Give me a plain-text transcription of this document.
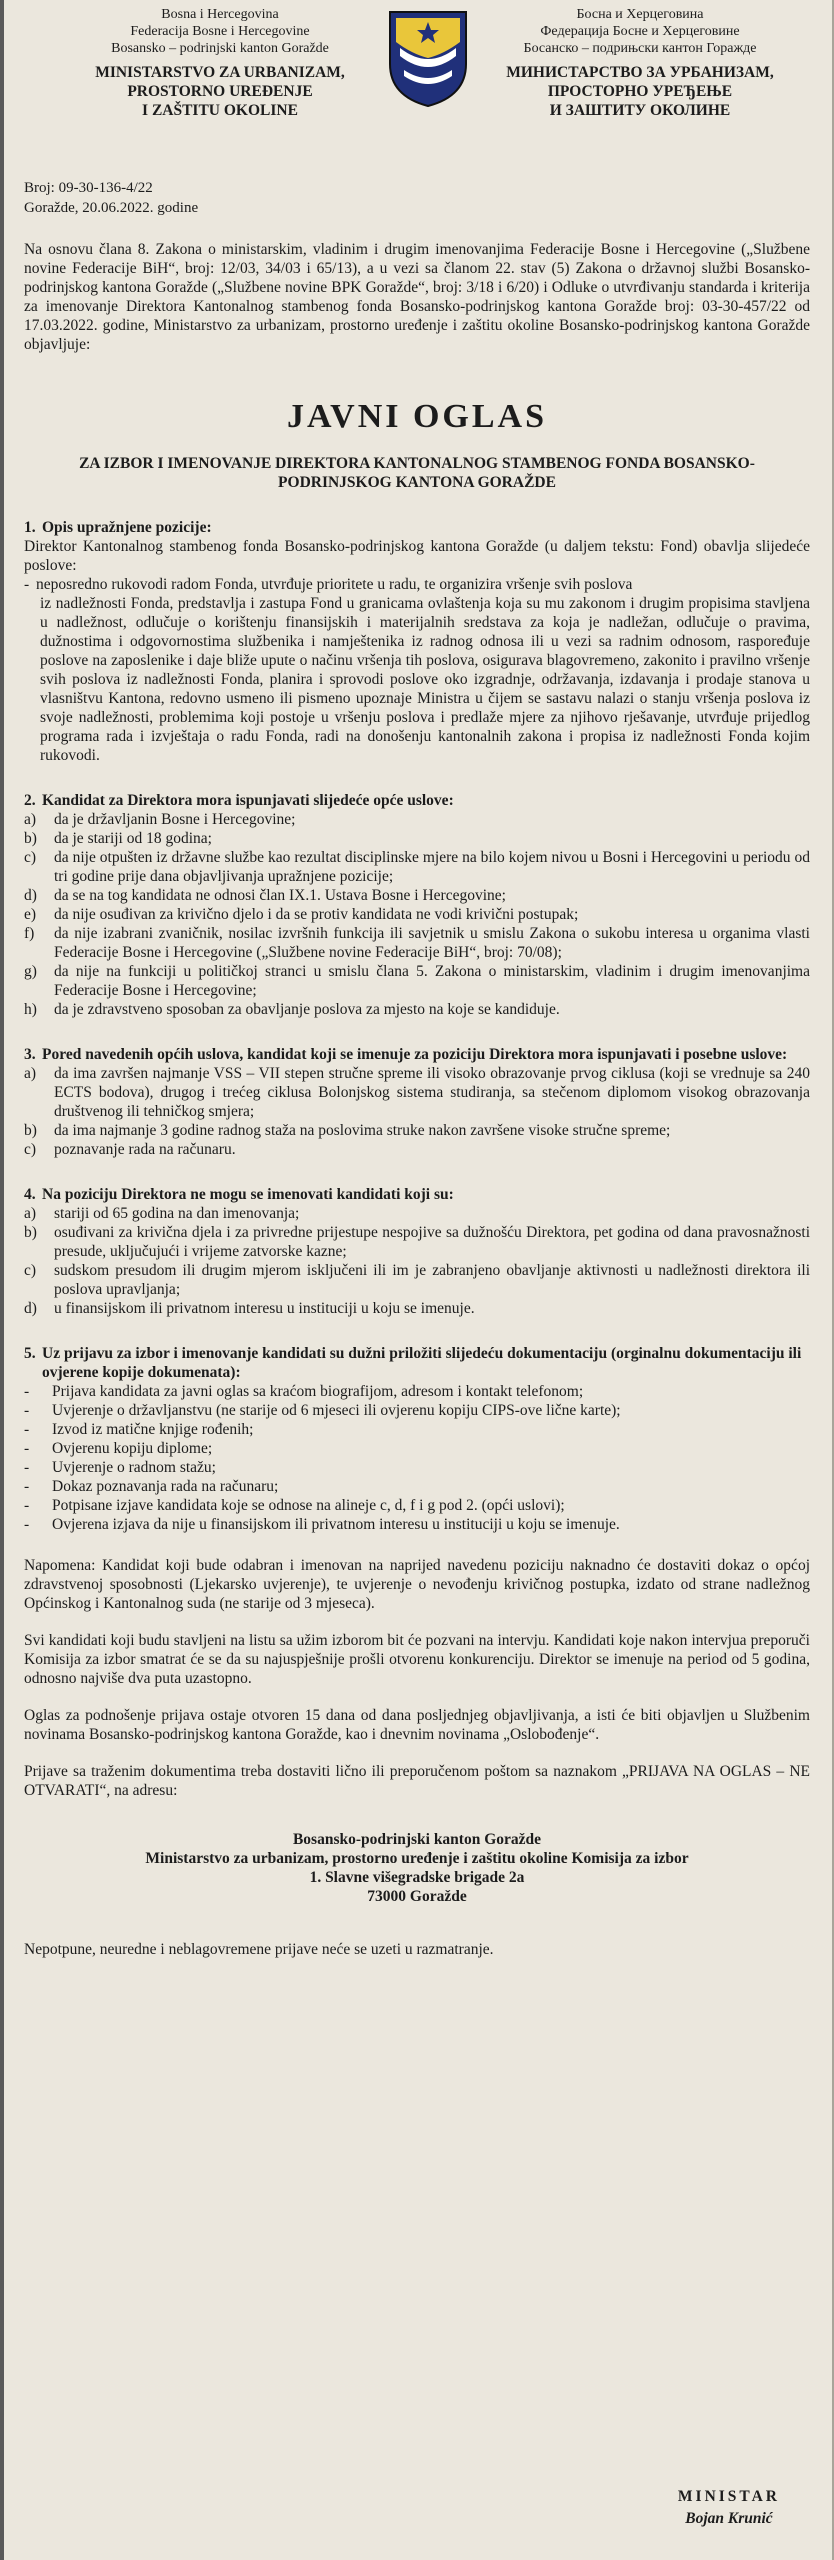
Bosna i Hercegovina
Federacija Bosne i Hercegovine
Bosansko – podrinjski kanton Goražde
MINISTARSTVO ZA URBANIZAM,
PROSTORNO UREĐENJE
I ZAŠTITU OKOLINE
Босна и Херцеговина
Федерација Босне и Херцеговине
Босанско – подрињски кантон Горажде
МИНИСТАРСТВО ЗА УРБАНИЗАМ,
ПРОСТОРНО УРЕЂЕЊЕ
И ЗАШТИТУ ОКОЛИНЕ
Broj: 09-30-136-4/22
Goražde, 20.06.2022. godine
Na osnovu člana 8. Zakona o ministarskim, vladinim i drugim imenovanjima Federacije Bosne i Hercegovine („Službene novine Federacije BiH“, broj: 12/03, 34/03 i 65/13), a u vezi sa članom 22. stav (5) Zakona o državnoj službi Bosansko-podrinjskog kantona Goražde („Službene novine BPK Goražde“, broj: 3/18 i 6/20) i Odluke o utvrđivanju standarda i kriterija za imenovanje Direktora Kantonalnog stambenog fonda Bosansko-podrinjskog kantona Goražde broj: 03-30-457/22 od 17.03.2022. godine, Ministarstvo za urbanizam, prostorno uređenje i zaštitu okoline Bosansko-podrinjskog kantona Goražde objavljuje:
JAVNI OGLAS
ZA IZBOR I IMENOVANJE DIREKTORA KANTONALNOG STAMBENOG FONDA BOSANSKO-PODRINJSKOG KANTONA GORAŽDE
1. Opis upražnjene pozicije:
Direktor Kantonalnog stambenog fonda Bosansko-podrinjskog kantona Goražde (u daljem tekstu: Fond) obavlja slijedeće poslove:
- neposredno rukovodi radom Fonda, utvrđuje prioritete u radu, te organizira vršenje svih poslova
iz nadležnosti Fonda, predstavlja i zastupa Fond u granicama ovlaštenja koja su mu zakonom i drugim propisima stavljena u nadležnost, odlučuje o korištenju finansijskih i materijalnih sredstava za koja je nadležan, odlučuje o pravima, dužnostima i odgovornostima službenika i namještenika iz radnog odnosa ili u vezi sa radnim odnosom, raspoređuje poslove na zaposlenike i daje bliže upute o načinu vršenja tih poslova, osigurava blagovremeno, zakonito i pravilno vršenje svih poslova iz nadležnosti Fonda, planira i sprovodi poslove oko izgradnje, održavanja, izdavanja i prodaje stanova u vlasništvu Kantona, redovno usmeno ili pismeno upoznaje Ministra u čijem se sastavu nalazi o stanju vršenja poslova iz svoje nadležnosti, problemima koji postoje u vršenju poslova i predlaže mjere za njihovo rješavanje, utvrđuje prijedlog programa rada i izvještaja o radu Fonda, radi na donošenju kantonalnih zakona i propisa iz nadležnosti Fonda kojim rukovodi.
2. Kandidat za Direktora mora ispunjavati slijedeće opće uslove:
a)	da je državljanin Bosne i Hercegovine;
b)	da je stariji od 18 godina;
c)	da nije otpušten iz državne službe kao rezultat disciplinske mjere na bilo kojem nivou u Bosni i Hercegovini u periodu od tri godine prije dana objavljivanja upražnjene pozicije;
d)	da se na tog kandidata ne odnosi član IX.1. Ustava Bosne i Hercegovine;
e)	da nije osuđivan za krivično djelo i da se protiv kandidata ne vodi krivični postupak;
f)	da nije izabrani zvaničnik, nosilac izvršnih funkcija ili savjetnik u smislu Zakona o sukobu interesa u organima vlasti Federacije Bosne i Hercegovine („Službene novine Federacije BiH“, broj: 70/08);
g)	da nije na funkciji u političkoj stranci u smislu člana 5. Zakona o ministarskim, vladinim i drugim imenovanjima Federacije Bosne i Hercegovine;
h)	da je zdravstveno sposoban za obavljanje poslova za mjesto na koje se kandiduje.
3. Pored navedenih općih uslova, kandidat koji se imenuje za poziciju Direktora mora ispunjavati i posebne uslove:
a)	da ima završen najmanje VSS – VII stepen stručne spreme ili visoko obrazovanje prvog ciklusa (koji se vrednuje sa 240 ECTS bodova), drugog i trećeg ciklusa Bolonjskog sistema studiranja, sa stečenom diplomom visokog obrazovanja društvenog ili tehničkog smjera;
b)	da ima najmanje 3 godine radnog staža na poslovima struke nakon završene visoke stručne spreme;
c)	poznavanje rada na računaru.
4. Na poziciju Direktora ne mogu se imenovati kandidati koji su:
a)	stariji od 65 godina na dan imenovanja;
b)	osuđivani za krivična djela i za privredne prijestupe nespojive sa dužnošću Direktora, pet godina od dana pravosnažnosti presude, uključujući i vrijeme zatvorske kazne;
c)	sudskom presudom ili drugim mjerom isključeni ili im je zabranjeno obavljanje aktivnosti u nadležnosti direktora ili poslova upravljanja;
d)	u finansijskom ili privatnom interesu u instituciji u koju se imenuje.
5. Uz prijavu za izbor i imenovanje kandidati su dužni priložiti slijedeću dokumentaciju (orginalnu dokumentaciju ili ovjerene kopije dokumenata):
-	Prijava kandidata za javni oglas sa kraćom biografijom, adresom i kontakt telefonom;
-	Uvjerenje o državljanstvu (ne starije od 6 mjeseci ili ovjerenu kopiju CIPS-ove lične karte);
-	Izvod iz matične knjige rođenih;
-	Ovjerenu kopiju diplome;
-	Uvjerenje o radnom stažu;
-	Dokaz poznavanja rada na računaru;
-	Potpisane izjave kandidata koje se odnose na alineje c, d, f i g pod 2. (opći uslovi);
-	Ovjerena izjava da nije u finansijskom ili privatnom interesu u instituciji u koju se imenuje.
Napomena: Kandidat koji bude odabran i imenovan na naprijed navedenu poziciju naknadno će dostaviti dokaz o općoj zdravstvenoj sposobnosti (Ljekarsko uvjerenje), te uvjerenje o nevođenju krivičnog postupka, izdato od strane nadležnog Općinskog i Kantonalnog suda (ne starije od 3 mjeseca).
Svi kandidati koji budu stavljeni na listu sa užim izborom bit će pozvani na intervju. Kandidati koje nakon intervjua preporuči Komisija za izbor smatrat će se da su najuspješnije prošli otvorenu konkurenciju. Direktor se imenuje na period od 5 godina, odnosno najviše dva puta uzastopno.
Oglas za podnošenje prijava ostaje otvoren 15 dana od dana posljednjeg objavljivanja, a isti će biti objavljen u Službenim novinama Bosansko-podrinjskog kantona Goražde, kao i dnevnim novinama „Oslobođenje“.
Prijave sa traženim dokumentima treba dostaviti lično ili preporučenom poštom sa naznakom „PRIJAVA NA OGLAS – NE OTVARATI“, na adresu:
Bosansko-podrinjski kanton Goražde
Ministarstvo za urbanizam, prostorno uređenje i zaštitu okoline Komisija za izbor
1. Slavne višegradske brigade 2a
73000 Goražde
Nepotpune, neuredne i neblagovremene prijave neće se uzeti u razmatranje.
MINISTAR
Bojan Krunić
